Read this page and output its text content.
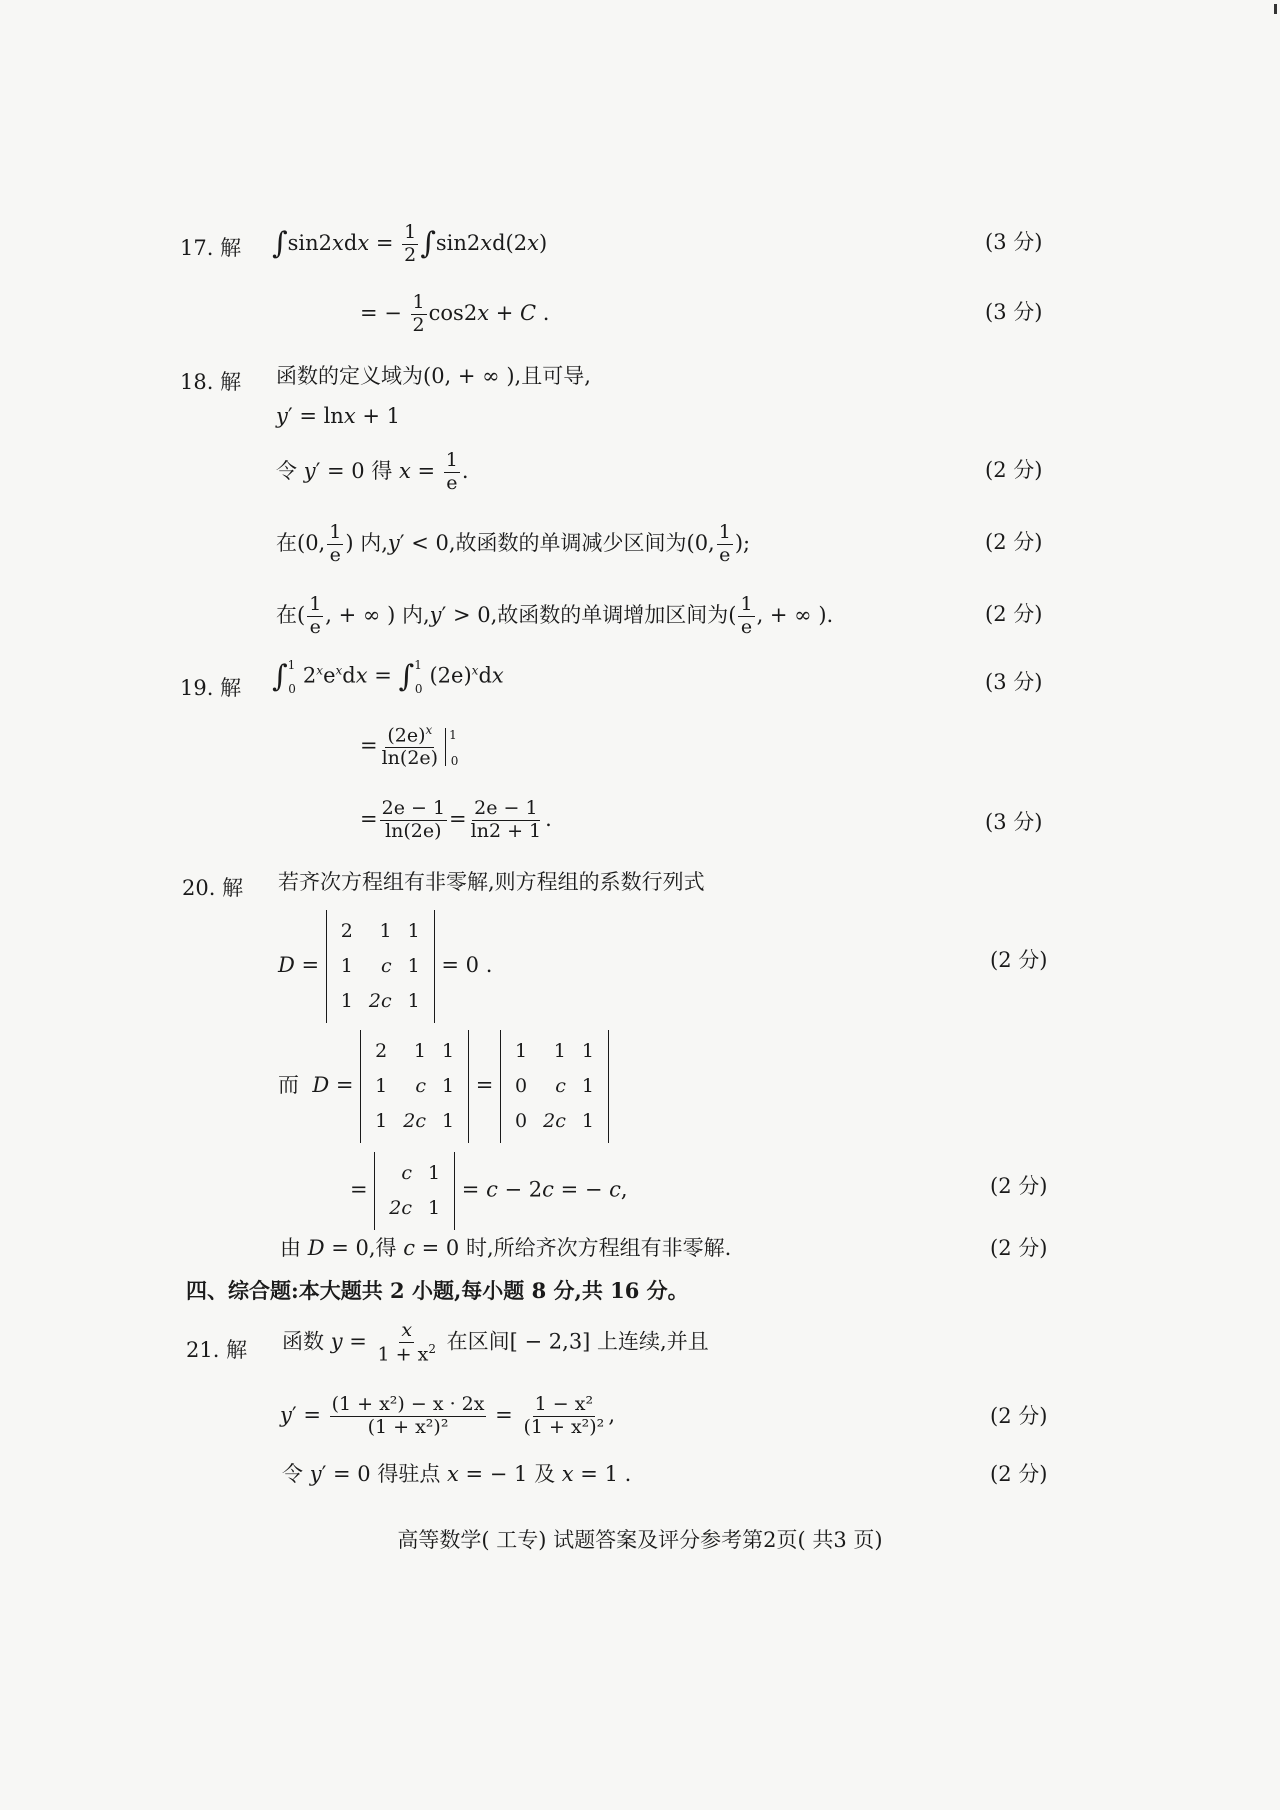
17. 解 $\int\sin 2xdx = \frac{1}{2} \int\sin 2xd(2x)$	(3 分)
= − $\frac{1}{2} \cos 2x + C$ .	(3 分)
18. 解 函数的定义域为(0, + ∞ ),且可导,
y′ = lnx + 1
令 y′ = 0 得 $x = \frac{1}{e}$ .	(2 分)
在(0, $\frac{1}{e}$ ) 内,y′ < 0,故函数的单调减少区间为(0, $\frac{1}{e}$ );	(2 分)
在( $\frac{1}{e}$ , + ∞ ) 内,y′ > 0,故函数的单调增加区间为( $\frac{1}{e}$ , + ∞ ).	(2 分)
19. 解 $\int^1_02^xe^xdx = \int^1_0(2e)^xdx$	(3 分)
= $\frac{(2e)^x}{\ln(2e)} ^1_0$
= $\frac{2e - 1}{\ln(2e)} = \frac{2e - 1}{\ln 2 + 1}$ .	(3 分)
20. 解 若齐次方程组有非零解,则方程组的系数行列式
D =
2	1	1
1	c	1
1	2c	1
= 0 .	(2 分)
而 D =
2	1	1
1	c	1
1	2c	1
=
1	1	1
0	c	1
0	2c	1
=
c	1
2c	1
= c − 2c = − c,	(2 分)
由 D = 0,得 c = 0 时,所给齐次方程组有非零解.	(2 分)
四、综合题:本大题共 2 小题,每小题 8 分,共 16 分。
21. 解 函数 $y = \frac{x}{1 + x^2}$ 在区间[ − 2,3] 上连续,并且
$y' = \frac{\text{(1 + x²) − x · 2x}}{\text{(1 + x²)²}} = \frac{\text{1 − x²}}{\text{(1 + x²)²}}$ ,	(2 分)
令 y′ = 0 得驻点 x = − 1 及 x = 1 .	(2 分)
高等数学( 工专) 试题答案及评分参考第2页( 共3 页)
